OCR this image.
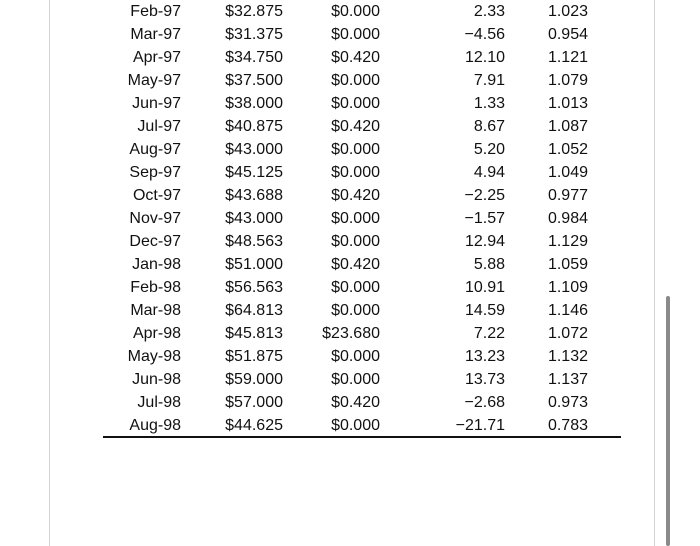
Feb-97	$32.875	$0.000	2.33	1.023
Mar-97	$31.375	$0.000	−4.56	0.954
Apr-97	$34.750	$0.420	12.10	1.121
May-97	$37.500	$0.000	7.91	1.079
Jun-97	$38.000	$0.000	1.33	1.013
Jul-97	$40.875	$0.420	8.67	1.087
Aug-97	$43.000	$0.000	5.20	1.052
Sep-97	$45.125	$0.000	4.94	1.049
Oct-97	$43.688	$0.420	−2.25	0.977
Nov-97	$43.000	$0.000	−1.57	0.984
Dec-97	$48.563	$0.000	12.94	1.129
Jan-98	$51.000	$0.420	5.88	1.059
Feb-98	$56.563	$0.000	10.91	1.109
Mar-98	$64.813	$0.000	14.59	1.146
Apr-98	$45.813	$23.680	7.22	1.072
May-98	$51.875	$0.000	13.23	1.132
Jun-98	$59.000	$0.000	13.73	1.137
Jul-98	$57.000	$0.420	−2.68	0.973
Aug-98	$44.625	$0.000	−21.71	0.783
